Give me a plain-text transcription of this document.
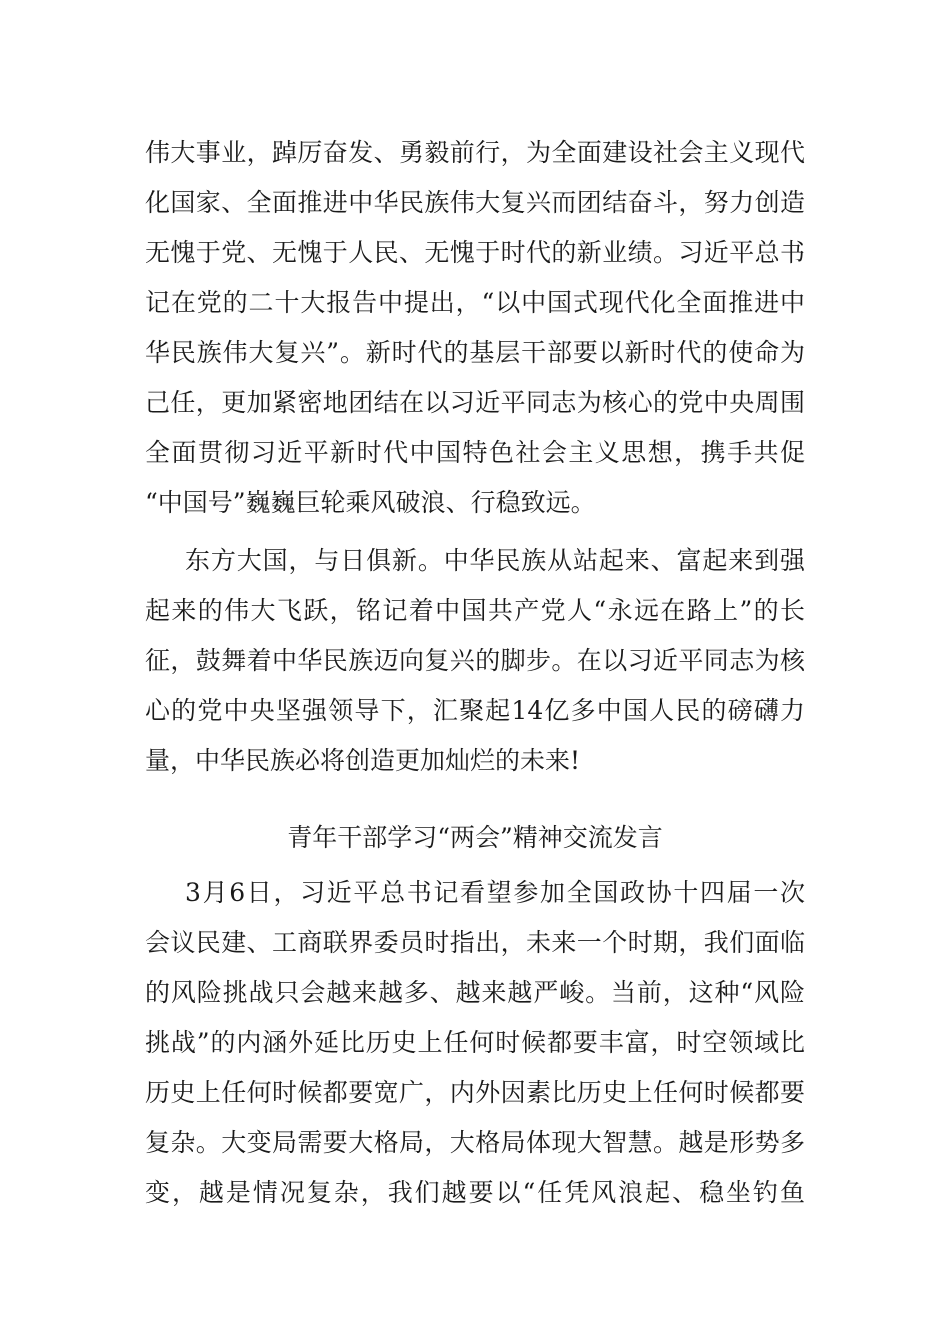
伟大事业，踔厉奋发、勇毅前行，为全面建设社会主义现代
化国家、全面推进中华民族伟大复兴而团结奋斗，努力创造
无愧于党、无愧于人民、无愧于时代的新业绩。习近平总书
记在党的二十大报告中提出，“以中国式现代化全面推进中
华民族伟大复兴”。新时代的基层干部要以新时代的使命为
己任，更加紧密地团结在以习近平同志为核心的党中央周围
全面贯彻习近平新时代中国特色社会主义思想，携手共促
“中国号”巍巍巨轮乘风破浪、行稳致远。
东方大国，与日俱新。中华民族从站起来、富起来到强
起来的伟大飞跃，铭记着中国共产党人“永远在路上”的长
征，鼓舞着中华民族迈向复兴的脚步。在以习近平同志为核
心的党中央坚强领导下，汇聚起14亿多中国人民的磅礴力
量，中华民族必将创造更加灿烂的未来!
青年干部学习“两会”精神交流发言
3月6日，习近平总书记看望参加全国政协十四届一次
会议民建、工商联界委员时指出，未来一个时期，我们面临
的风险挑战只会越来越多、越来越严峻。当前，这种“风险
挑战”的内涵外延比历史上任何时候都要丰富，时空领域比
历史上任何时候都要宽广，内外因素比历史上任何时候都要
复杂。大变局需要大格局，大格局体现大智慧。越是形势多
变，越是情况复杂，我们越要以“任凭风浪起、稳坐钓鱼
